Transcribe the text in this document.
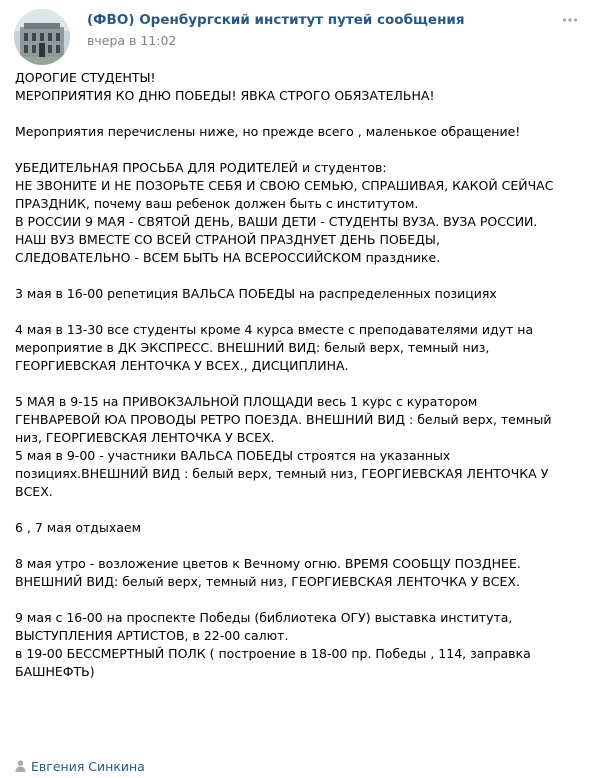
(ФВО) Оренбургский институт путей сообщения
вчера в 11:02

ДОРОГИЕ СТУДЕНТЫ!

МЕРОПРИЯТИЯ КО ДНЮ ПОБЕДЫ! ЯВКА СТРОГО ОБЯЗАТЕЛЬНА!

Мероприятия перечислены ниже, но прежде всего , маленькое обращение!

УБЕДИТЕЛЬНАЯ ПРОСЬБА ДЛЯ РОДИТЕЛЕЙ и студентов:

НЕ ЗВОНИТЕ И НЕ ПОЗОРЬТЕ СЕБЯ И СВОЮ СЕМЬЮ, СПРАШИВАЯ, КАКОЙ СЕЙЧАС

ПРАЗДНИК, почему ваш ребенок должен быть с институтом.

В РОССИИ 9 МАЯ - СВЯТОЙ ДЕНЬ, ВАШИ ДЕТИ - СТУДЕНТЫ ВУЗА. ВУЗА РОССИИ.

НАШ ВУЗ ВМЕСТЕ СО ВСЕЙ СТРАНОЙ ПРАЗДНУЕТ ДЕНЬ ПОБЕДЫ,

СЛЕДОВАТЕЛЬНО - ВСЕМ БЫТЬ НА ВСЕРОССИЙСКОМ празднике.

3 мая в 16-00 репетиция ВАЛЬСА ПОБЕДЫ на распределенных позициях

4 мая в 13-30 все студенты кроме 4 курса вместе с преподавателями идут на

мероприятие в ДК ЭКСПРЕСС. ВНЕШНИЙ ВИД: белый верх, темный низ,

ГЕОРГИЕВСКАЯ ЛЕНТОЧКА У ВСЕХ., ДИСЦИПЛИНА.

5 МАЯ в 9-15 на ПРИВОКЗАЛЬНОЙ ПЛОЩАДИ весь 1 курс с куратором

ГЕНВАРЕВОЙ ЮА ПРОВОДЫ РЕТРО ПОЕЗДА. ВНЕШНИЙ ВИД : белый верх, темный

низ, ГЕОРГИЕВСКАЯ ЛЕНТОЧКА У ВСЕХ.

5 мая в 9-00 - участники ВАЛЬСА ПОБЕДЫ строятся на указанных

позициях.ВНЕШНИЙ ВИД : белый верх, темный низ, ГЕОРГИЕВСКАЯ ЛЕНТОЧКА У

ВСЕХ.

6 , 7 мая отдыхаем

8 мая утро - возложение цветов к Вечному огню. ВРЕМЯ СООБЩУ ПОЗДНЕЕ.

ВНЕШНИЙ ВИД: белый верх, темный низ, ГЕОРГИЕВСКАЯ ЛЕНТОЧКА У ВСЕХ.

9 мая с 16-00 на проспекте Победы (библиотека ОГУ) выставка института,

ВЫСТУПЛЕНИЯ АРТИСТОВ, в 22-00 салют.

в 19-00 БЕССМЕРТНЫЙ ПОЛК ( построение в 18-00 пр. Победы , 114, заправка

БАШНЕФТЬ)

Евгения Синкина
